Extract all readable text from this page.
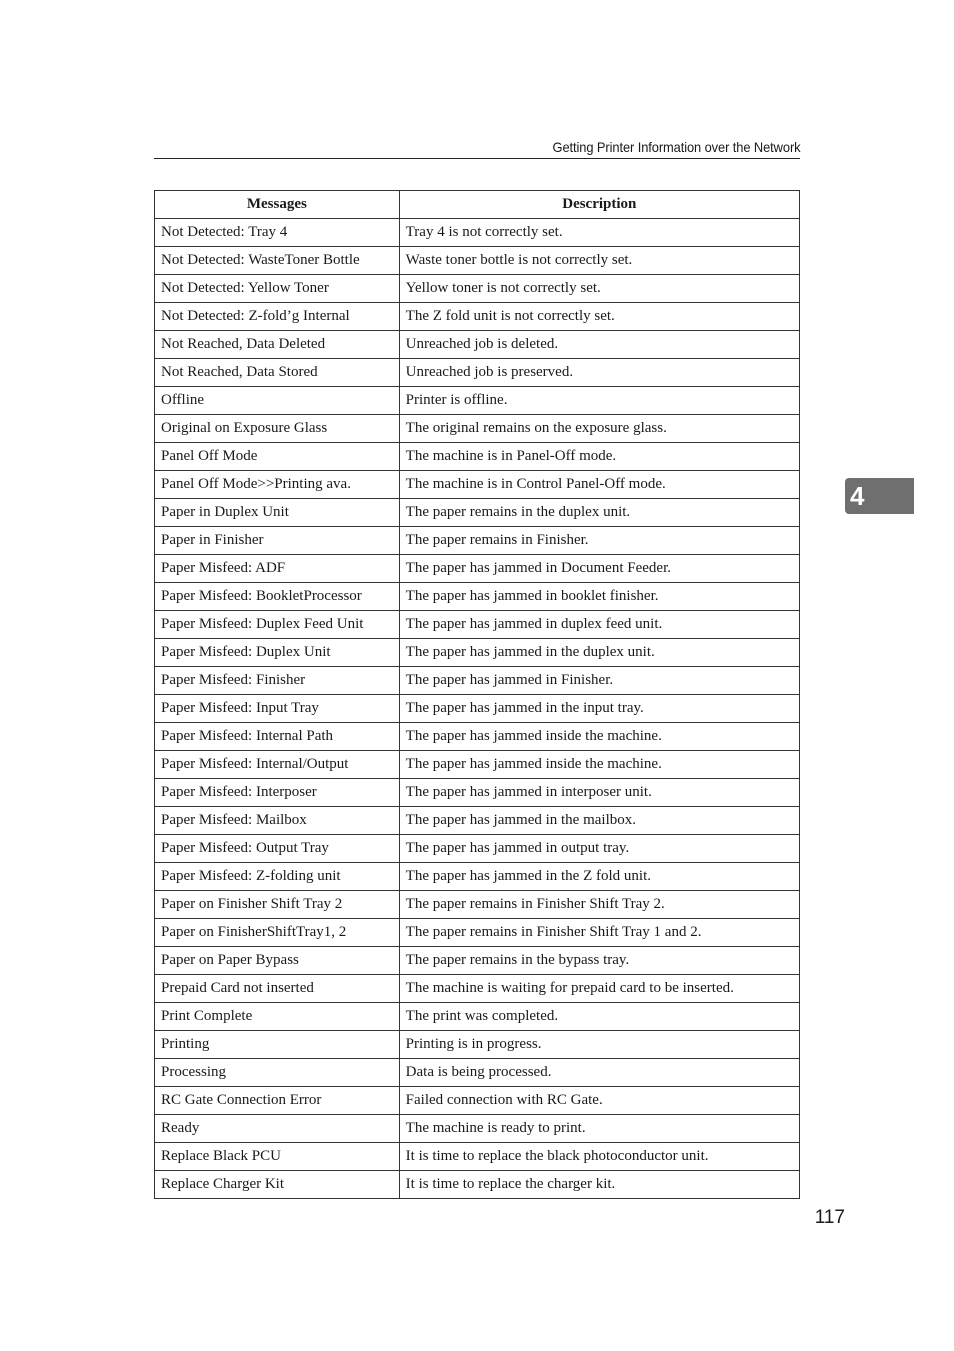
Getting Printer Information over the Network
Messages	Description
Not Detected: Tray 4	Tray 4 is not correctly set.
Not Detected: WasteToner Bottle	Waste toner bottle is not correctly set.
Not Detected: Yellow Toner	Yellow toner is not correctly set.
Not Detected: Z-fold’g Internal	The Z fold unit is not correctly set.
Not Reached, Data Deleted	Unreached job is deleted.
Not Reached, Data Stored	Unreached job is preserved.
Offline	Printer is offline.
Original on Exposure Glass	The original remains on the exposure glass.
Panel Off Mode	The machine is in Panel-Off mode.
Panel Off Mode>>Printing ava.	The machine is in Control Panel-Off mode.
Paper in Duplex Unit	The paper remains in the duplex unit.
Paper in Finisher	The paper remains in Finisher.
Paper Misfeed: ADF	The paper has jammed in Document Feeder.
Paper Misfeed: BookletProcessor	The paper has jammed in booklet finisher.
Paper Misfeed: Duplex Feed Unit	The paper has jammed in duplex feed unit.
Paper Misfeed: Duplex Unit	The paper has jammed in the duplex unit.
Paper Misfeed: Finisher	The paper has jammed in Finisher.
Paper Misfeed: Input Tray	The paper has jammed in the input tray.
Paper Misfeed: Internal Path	The paper has jammed inside the machine.
Paper Misfeed: Internal/Output	The paper has jammed inside the machine.
Paper Misfeed: Interposer	The paper has jammed in interposer unit.
Paper Misfeed: Mailbox	The paper has jammed in the mailbox.
Paper Misfeed: Output Tray	The paper has jammed in output tray.
Paper Misfeed: Z-folding unit	The paper has jammed in the Z fold unit.
Paper on Finisher Shift Tray 2	The paper remains in Finisher Shift Tray 2.
Paper on FinisherShiftTray1, 2	The paper remains in Finisher Shift Tray 1 and 2.
Paper on Paper Bypass	The paper remains in the bypass tray.
Prepaid Card not inserted	The machine is waiting for prepaid card to be inserted.
Print Complete	The print was completed.
Printing	Printing is in progress.
Processing	Data is being processed.
RC Gate Connection Error	Failed connection with RC Gate.
Ready	The machine is ready to print.
Replace Black PCU	It is time to replace the black photoconductor unit.
Replace Charger Kit	It is time to replace the charger kit.
4
117
